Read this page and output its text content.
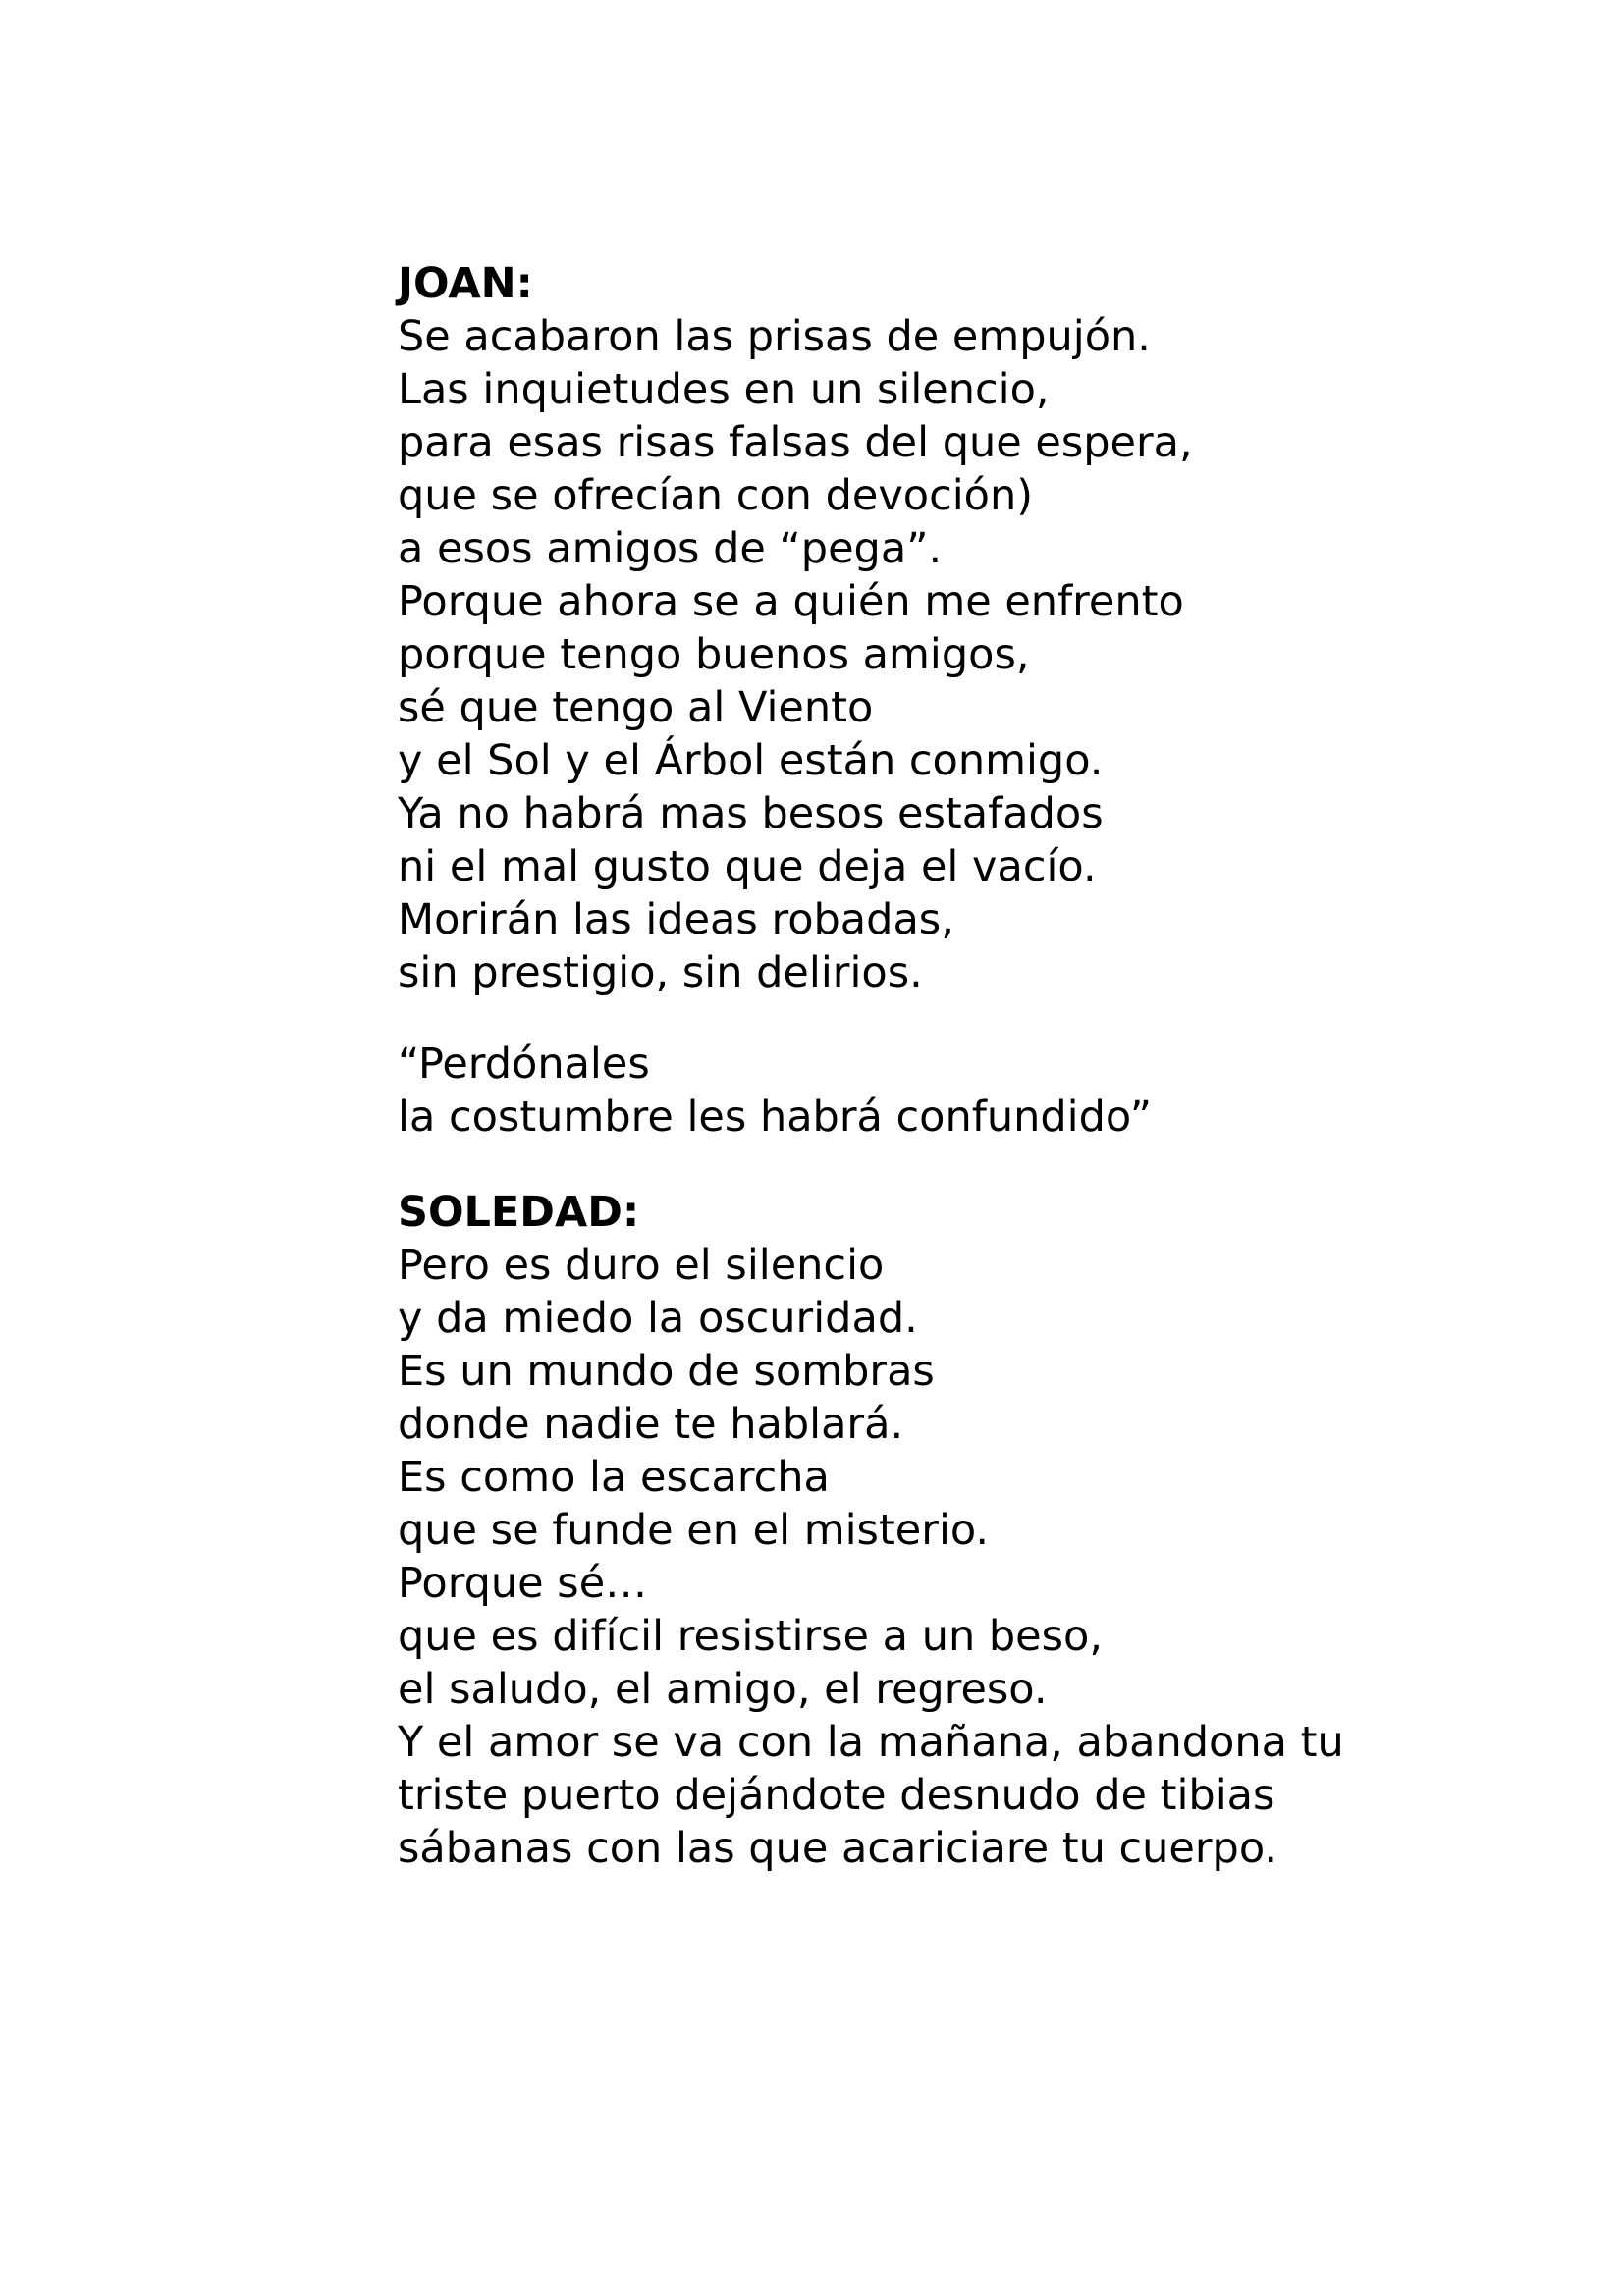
JOAN:
Se acabaron las prisas de empujón.
Las inquietudes en un silencio,
para esas risas falsas del que espera,
que se ofrecían con devoción)
a esos amigos de “pega”.
Porque ahora se a quién me enfrento
porque tengo buenos amigos,
sé que tengo al Viento
y el Sol y el Árbol están conmigo.
Ya no habrá mas besos estafados
ni el mal gusto que deja el vacío.
Morirán las ideas robadas,
sin prestigio, sin delirios.
“Perdónales
la costumbre les habrá confundido”
SOLEDAD:
Pero es duro el silencio
y da miedo la oscuridad.
Es un mundo de sombras
donde nadie te hablará.
Es como la escarcha
que se funde en el misterio.
Porque sé…
que es difícil resistirse a un beso,
el saludo, el amigo, el regreso.
Y el amor se va con la mañana, abandona tu
triste puerto dejándote desnudo de tibias
sábanas con las que acariciare tu cuerpo.
